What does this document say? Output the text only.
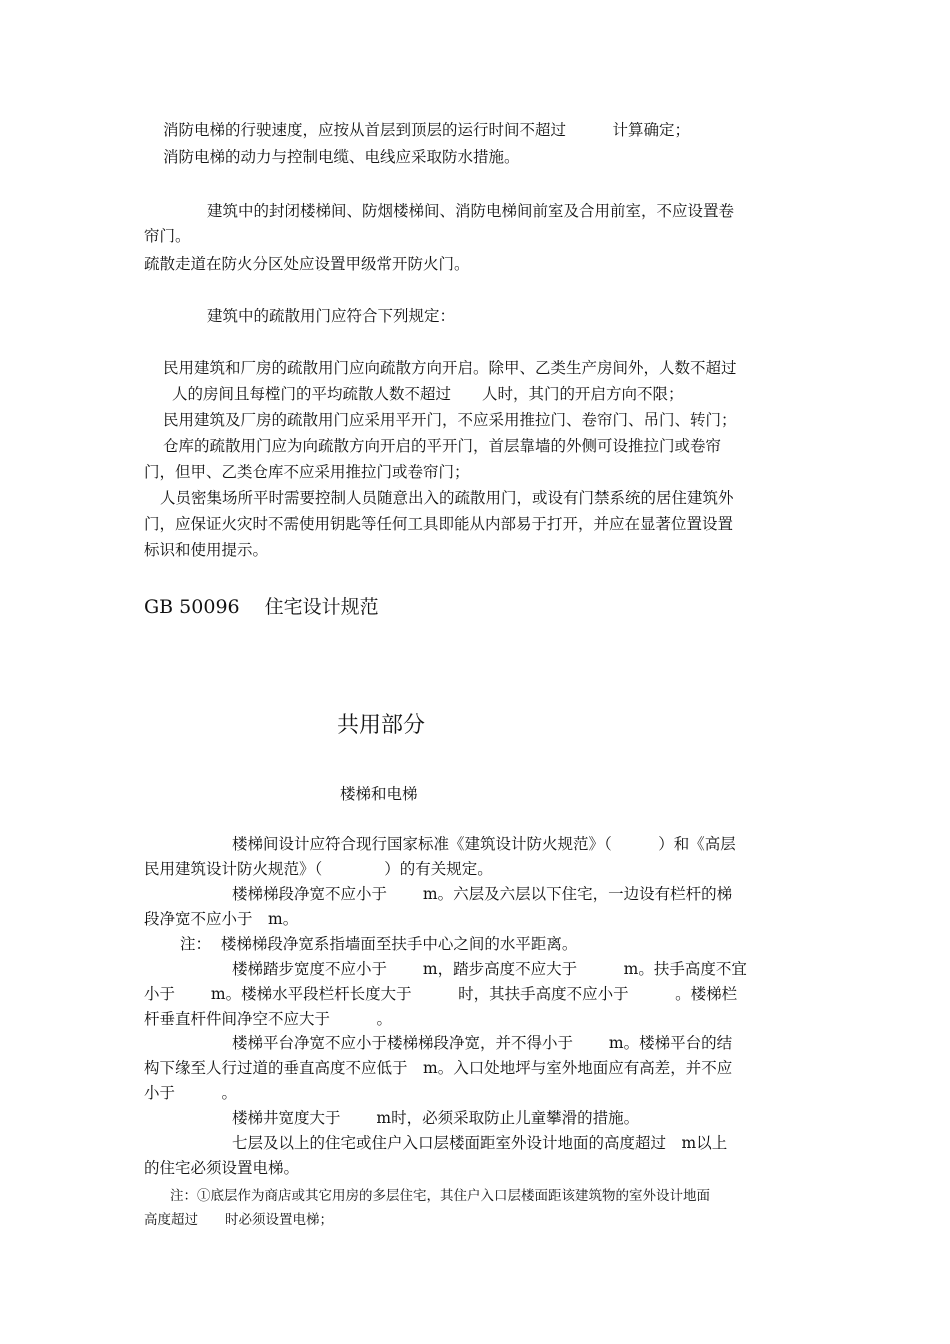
消防电梯的行驶速度，应按从首层到顶层的运行时间不超过　　　计算确定；
消防电梯的动力与控制电缆、电线应采取防水措施。
建筑中的封闭楼梯间、防烟楼梯间、消防电梯间前室及合用前室，不应设置卷
帘门。
疏散走道在防火分区处应设置甲级常开防火门。
建筑中的疏散用门应符合下列规定：
民用建筑和厂房的疏散用门应向疏散方向开启。除甲、乙类生产房间外，人数不超过
人的房间且每樘门的平均疏散人数不超过　　人时，其门的开启方向不限；
民用建筑及厂房的疏散用门应采用平开门，不应采用推拉门、卷帘门、吊门、转门；
仓库的疏散用门应为向疏散方向开启的平开门，首层靠墙的外侧可设推拉门或卷帘
门，但甲、乙类仓库不应采用推拉门或卷帘门；
人员密集场所平时需要控制人员随意出入的疏散用门，或设有门禁系统的居住建筑外
门，应保证火灾时不需使用钥匙等任何工具即能从内部易于打开，并应在显著位置设置
标识和使用提示。
GB 50096　 住宅设计规范
共用部分
楼梯和电梯
楼梯间设计应符合现行国家标准《建筑设计防火规范》（　　　）和《高层
民用建筑设计防火规范》（　　　　）的有关规定。
楼梯梯段净宽不应小于　　 m。六层及六层以下住宅，一边设有栏杆的梯
段净宽不应小于　m。
注：  楼梯梯段净宽系指墙面至扶手中心之间的水平距离。
楼梯踏步宽度不应小于　　 m，踏步高度不应大于　　　m。扶手高度不宜
小于　　 m。楼梯水平段栏杆长度大于　　　时，其扶手高度不应小于　　　。楼梯栏
杆垂直杆件间净空不应大于　　　。
楼梯平台净宽不应小于楼梯梯段净宽，并不得小于　　 m。楼梯平台的结
构下缘至人行过道的垂直高度不应低于　m。入口处地坪与室外地面应有高差，并不应
小于　　　。
楼梯井宽度大于　　 m时，必须采取防止儿童攀滑的措施。
七层及以上的住宅或住户入口层楼面距室外设计地面的高度超过　m以上
的住宅必须设置电梯。
注：①底层作为商店或其它用房的多层住宅，其住户入口层楼面距该建筑物的室外设计地面
高度超过　　时必须设置电梯；
